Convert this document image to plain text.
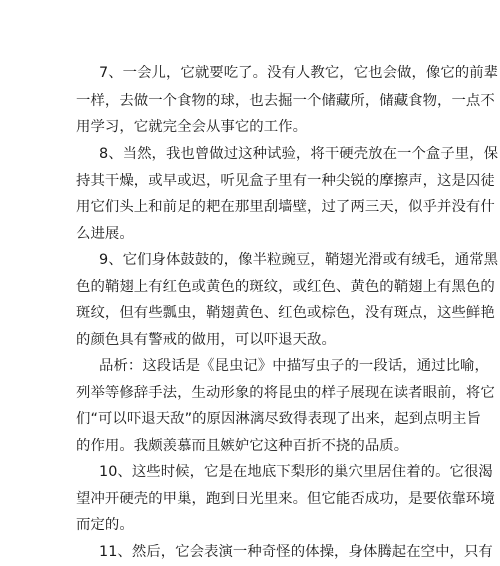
7、一会儿，它就要吃了。没有人教它，它也会做，像它的前辈
一样，去做一个食物的球，也去掘一个储藏所，储藏食物，一点不
用学习，它就完全会从事它的工作。
8、当然，我也曾做过这种试验，将干硬壳放在一个盒子里，保
持其干燥，或早或迟，听见盒子里有一种尖锐的摩擦声，这是囚徒
用它们头上和前足的耙在那里刮墙壁，过了两三天，似乎并没有什
么进展。
9、它们身体鼓鼓的，像半粒豌豆，鞘翅光滑或有绒毛，通常黑
色的鞘翅上有红色或黄色的斑纹，或红色、黄色的鞘翅上有黑色的
斑纹，但有些瓢虫，鞘翅黄色、红色或棕色，没有斑点，这些鲜艳
的颜色具有警戒的做用，可以吓退天敌。
品析：这段话是《昆虫记》中描写虫子的一段话，通过比喻，
列举等修辞手法，生动形象的将昆虫的样子展现在读者眼前，将它
们“可以吓退天敌”的原因淋漓尽致得表现了出来，起到点明主旨
的作用。我颇羡慕而且嫉妒它这种百折不挠的品质。
10、这些时候，它是在地底下梨形的巢穴里居住着的。它很渴
望冲开硬壳的甲巢，跑到日光里来。但它能否成功，是要依靠环境
而定的。
11、然后，它会表演一种奇怪的体操，身体腾起在空中，只有
